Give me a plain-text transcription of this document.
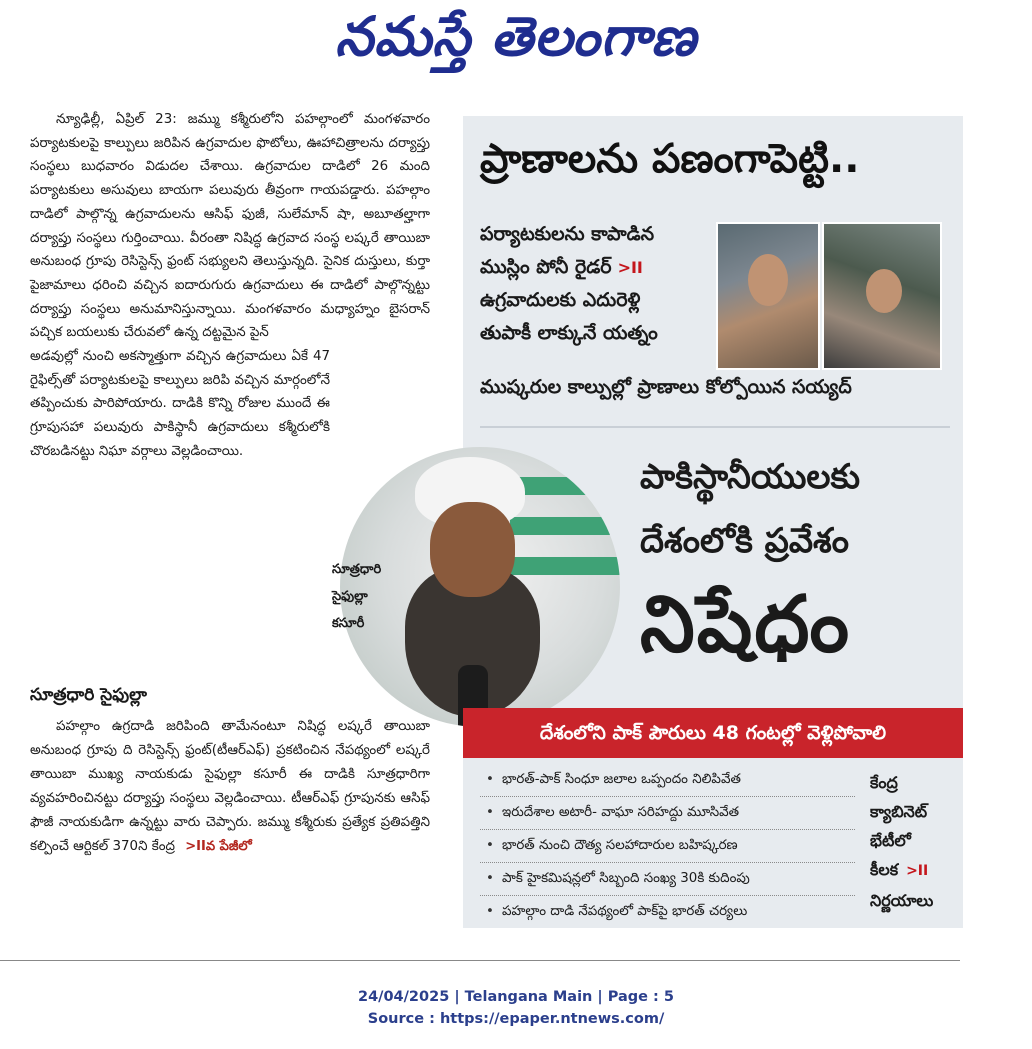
నమస్తే తెలంగాణ

న్యూఢిల్లీ, ఏప్రిల్ 23: జమ్ము కశ్మీరులోని పహల్గాంలో మంగళవారం పర్యాటకులపై కాల్పులు జరిపిన ఉగ్రవాదుల ఫొటోలు, ఊహాచిత్రాలను దర్యాప్తు సంస్థలు బుధవారం విడుదల చేశాయి. ఉగ్రవాదుల దాడిలో 26 మంది పర్యాటకులు అసువులు బాయగా పలువురు తీవ్రంగా గాయపడ్డారు. పహల్గాం దాడిలో పాల్గొన్న ఉగ్రవాదులను ఆసిఫ్ ఫుజీ, సులేమాన్ షా, అబూతల్హాగా దర్యాప్తు సంస్థలు గుర్తించాయి. వీరంతా నిషిద్ధ ఉగ్రవాద సంస్థ లష్కరే తాయిబా అనుబంధ గ్రూపు రెసిస్టెన్స్ ఫ్రంట్ సభ్యులని తెలుస్తున్నది. సైనిక దుస్తులు, కుర్తా పైజామాలు ధరించి వచ్చిన ఐదారుగురు ఉగ్రవాదులు ఈ దాడిలో పాల్గొన్నట్టు దర్యాప్తు సంస్థలు అనుమానిస్తున్నాయి. మంగళవారం మధ్యాహ్నం బైసరాన్ పచ్చిక బయలుకు చేరువలో ఉన్న దట్టమైన పైన్

అడవుల్లో నుంచి అకస్మాత్తుగా వచ్చిన ఉగ్రవాదులు ఏకే 47 రైఫిల్స్‌తో పర్యాటకులపై కాల్పులు జరిపి వచ్చిన మార్గంలోనే తప్పించుకు పారిపోయారు. దాడికి కొన్ని రోజుల ముందే ఈ గ్రూపుసహా పలువురు పాకిస్థానీ ఉగ్రవాదులు కశ్మీరులోకి చొరబడినట్టు నిఘా వర్గాలు వెల్లడించాయి.

సూత్రధారి సైఫుల్లా

పహల్గాం ఉగ్రదాడి జరిపింది తామేనంటూ నిషిద్ధ లష్కరే తాయిబా అనుబంధ గ్రూపు ది రెసిస్టెన్స్ ఫ్రంట్(టీఆర్ఎఫ్) ప్రకటించిన నేపథ్యంలో లష్కరే తాయిబా ముఖ్య నాయకుడు సైఫుల్లా కసూరీ ఈ దాడికి సూత్రధారిగా వ్యవహరించినట్టు దర్యాప్తు సంస్థలు వెల్లడించాయి. టీఆర్ఎఫ్ గ్రూపునకు ఆసిఫ్ ఫౌజీ నాయకుడిగా ఉన్నట్టు వారు చెప్పారు. జమ్ము కశ్మీరుకు ప్రత్యేక ప్రతిపత్తిని కల్పించే ఆర్టికల్ 370ని కేంద్ర >IIవ పేజీలో

ప్రాణాలను పణంగాపెట్టి..
పర్యాటకులను కాపాడిన
ముస్లిం పోనీ రైడర్ >II
ఉగ్రవాదులకు ఎదురెళ్లి
తుపాకీ లాక్కునే యత్నం
ముష్కరుల కాల్పుల్లో ప్రాణాలు కోల్పోయిన సయ్యద్
పాకిస్థానీయులకు
దేశంలోకి ప్రవేశం
నిషేధం
సూత్రధారి
సైఫుల్లా
కసూరీ
దేశంలోని పాక్ పౌరులు 48 గంటల్లో వెళ్లిపోవాలి
• భారత్-పాక్ సింధూ జలాల ఒప్పందం నిలిపివేత
• ఇరుదేశాల అటారీ- వాఘా సరిహద్దు మూసివేత
• భారత్ నుంచి దౌత్య సలహాదారుల బహిష్కరణ
• పాక్ హైకమిషన్లలో సిబ్బంది సంఖ్య 30కి కుదింపు
• పహల్గాం దాడి నేపథ్యంలో పాక్‌పై భారత్ చర్యలు
కేంద్ర
క్యాబినెట్
భేటీలో
కీలక >II
నిర్ణయాలు
24/04/2025 | Telangana Main | Page : 5
Source : https://epaper.ntnews.com/
